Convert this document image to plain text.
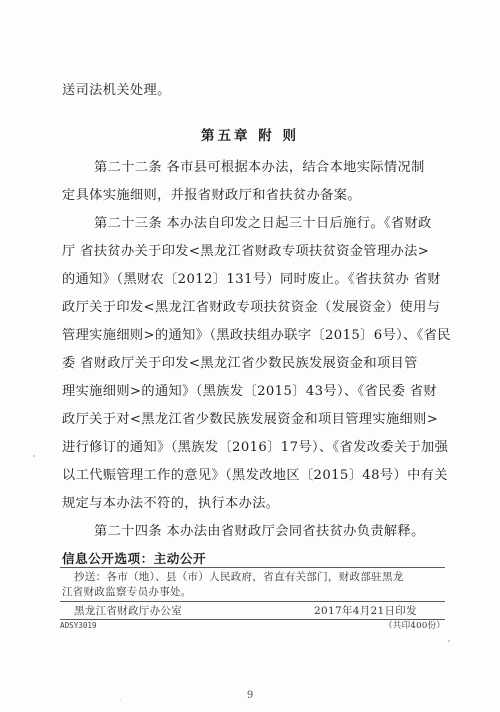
送司法机关处理。
第五章 附 则
第二十二条 各市县可根据本办法，结合本地实际情况制
定具体实施细则，并报省财政厅和省扶贫办备案。
第二十三条 本办法自印发之日起三十日后施行。《省财政
厅 省扶贫办关于印发<黑龙江省财政专项扶贫资金管理办法>
的通知》（黑财农〔2012〕131号）同时废止。《省扶贫办 省财
政厅关于印发<黑龙江省财政专项扶贫资金（发展资金）使用与
管理实施细则>的通知》（黑政扶组办联字〔2015〕6号）、《省民
委 省财政厅关于印发<黑龙江省少数民族发展资金和项目管
理实施细则>的通知》（黑族发〔2015〕43号）、《省民委 省财
政厅关于对<黑龙江省少数民族发展资金和项目管理实施细则>
进行修订的通知》（黑族发〔2016〕17号）、《省发改委关于加强
以工代赈管理工作的意见》（黑发改地区〔2015〕48号）中有关
规定与本办法不符的，执行本办法。
第二十四条 本办法由省财政厅会同省扶贫办负责解释。
信息公开选项：主动公开
抄送：各市（地）、县（市）人民政府，省直有关部门，财政部驻黑龙
江省财政监察专员办事处。
黑龙江省财政厅办公室	2017年4月21日印发
ADSY3019	（共印400份）
9
